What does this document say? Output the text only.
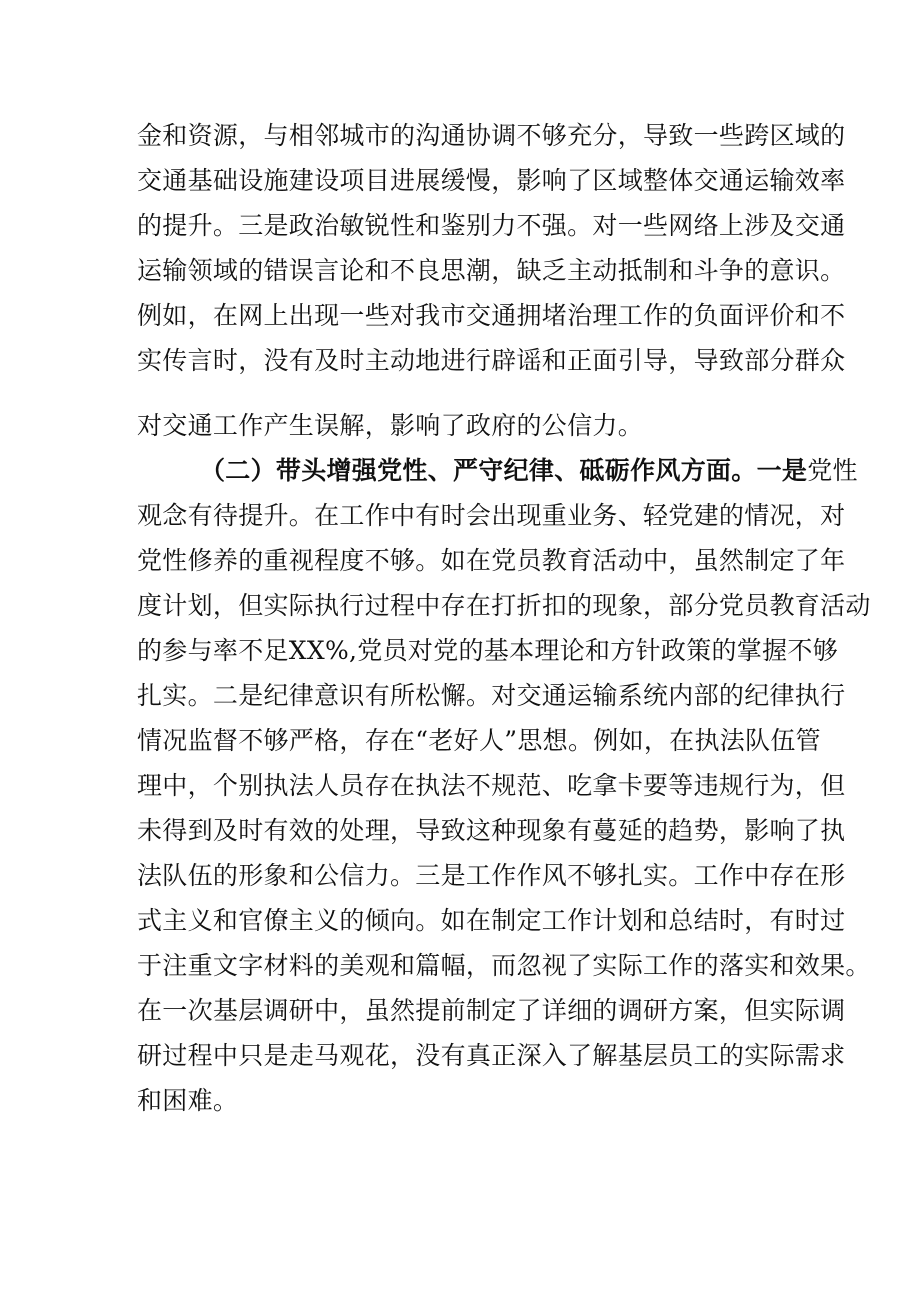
金和资源，与相邻城市的沟通协调不够充分，导致一些跨区域的
交通基础设施建设项目进展缓慢，影响了区域整体交通运输效率
的提升。三是政治敏锐性和鉴别力不强。对一些网络上涉及交通
运输领域的错误言论和不良思潮，缺乏主动抵制和斗争的意识。
例如，在网上出现一些对我市交通拥堵治理工作的负面评价和不
实传言时，没有及时主动地进行辟谣和正面引导，导致部分群众
对交通工作产生误解，影响了政府的公信力。
（二）带头增强党性、严守纪律、砥砺作风方面。一是党性
观念有待提升。在工作中有时会出现重业务、轻党建的情况，对
党性修养的重视程度不够。如在党员教育活动中，虽然制定了年
度计划，但实际执行过程中存在打折扣的现象，部分党员教育活动
的参与率不足XX%,党员对党的基本理论和方针政策的掌握不够
扎实。二是纪律意识有所松懈。对交通运输系统内部的纪律执行
情况监督不够严格，存在“老好人”思想。例如，在执法队伍管
理中，个别执法人员存在执法不规范、吃拿卡要等违规行为，但
未得到及时有效的处理，导致这种现象有蔓延的趋势，影响了执
法队伍的形象和公信力。三是工作作风不够扎实。工作中存在形
式主义和官僚主义的倾向。如在制定工作计划和总结时，有时过
于注重文字材料的美观和篇幅，而忽视了实际工作的落实和效果。
在一次基层调研中，虽然提前制定了详细的调研方案，但实际调
研过程中只是走马观花，没有真正深入了解基层员工的实际需求
和困难。
